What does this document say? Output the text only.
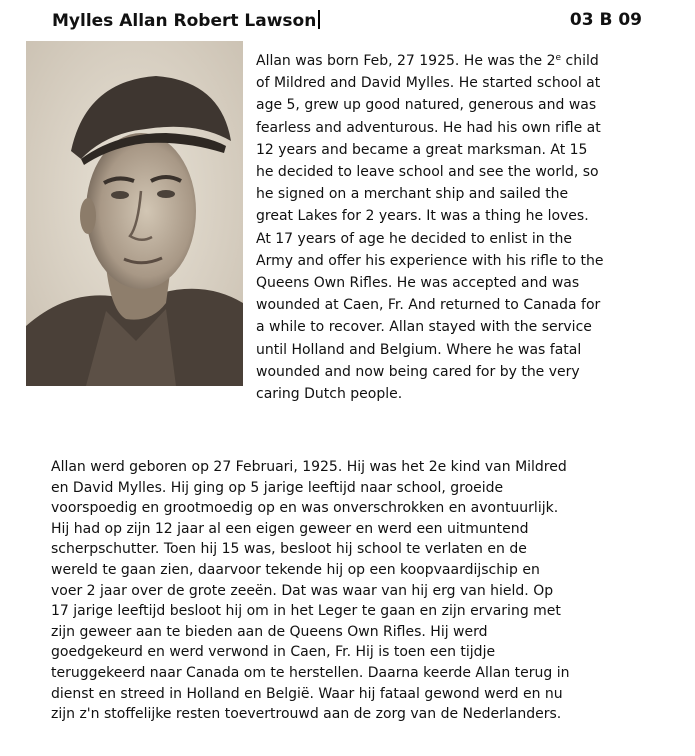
Mylles Allan Robert Lawson	03 B 09
Allan was born Feb, 27 1925. He was the 2e child
of Mildred and David Mylles. He started school at
age 5, grew up good natured, generous and was
fearless and adventurous. He had his own rifle at
12 years and became a great marksman. At 15
he decided to leave school and see the world, so
he signed on a merchant ship and sailed the
great Lakes for 2 years. It was a thing he loves.
At 17 years of age he decided to enlist in the
Army and offer his experience with his rifle to the
Queens Own Rifles. He was accepted and was
wounded at Caen, Fr. And returned to Canada for
a while to recover. Allan stayed with the service
until Holland and Belgium. Where he was fatal
wounded and now being cared for by the very
caring Dutch people.
Allan werd geboren op 27 Februari, 1925. Hij was het 2e kind van Mildred
en David Mylles. Hij ging op 5 jarige leeftijd naar school, groeide
voorspoedig en grootmoedig op en was onverschrokken en avontuurlijk.
Hij had op zijn 12 jaar al een eigen geweer en werd een uitmuntend
scherpschutter. Toen hij 15 was, besloot hij school te verlaten en de
wereld te gaan zien, daarvoor tekende hij op een koopvaardijschip en
voer 2 jaar over de grote zeeën. Dat was waar van hij erg van hield. Op
17 jarige leeftijd besloot hij om in het Leger te gaan en zijn ervaring met
zijn geweer aan te bieden aan de Queens Own Rifles. Hij werd
goedgekeurd en werd verwond in Caen, Fr. Hij is toen een tijdje
teruggekeerd naar Canada om te herstellen. Daarna keerde Allan terug in
dienst en streed in Holland en België. Waar hij fataal gewond werd en nu
zijn z'n stoffelijke resten toevertrouwd aan de zorg van de Nederlanders.
